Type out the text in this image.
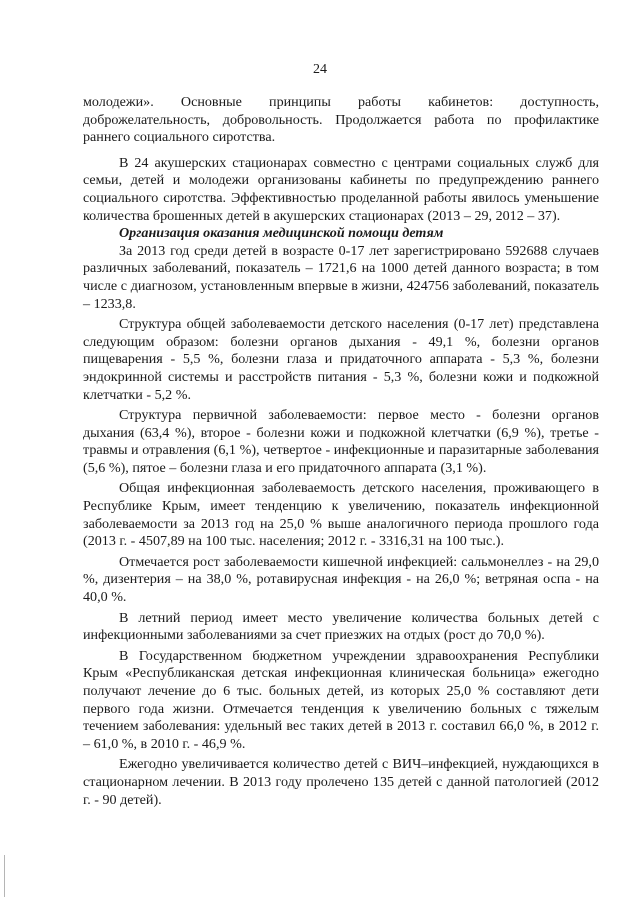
24

молодежи». Основные принципы работы кабинетов: доступность, доброжелательность, добровольность. Продолжается работа по профилактике раннего социального сиротства.

В 24 акушерских стационарах совместно с центрами социальных служб для семьи, детей и молодежи организованы кабинеты по предупреждению раннего социального сиротства. Эффективностью проделанной работы явилось уменьшение количества брошенных детей в акушерских стационарах (2013 – 29, 2012 – 37).

Организация оказания медицинской помощи детям

За 2013 год среди детей в возрасте 0-17 лет зарегистрировано 592688 случаев различных заболеваний, показатель – 1721,6 на 1000 детей данного возраста; в том числе с диагнозом, установленным впервые в жизни, 424756 заболеваний, показатель – 1233,8.

Структура общей заболеваемости детского населения (0-17 лет) представлена следующим образом: болезни органов дыхания - 49,1 %, болезни органов пищеварения - 5,5 %, болезни глаза и придаточного аппарата - 5,3 %, болезни эндокринной системы и расстройств питания - 5,3 %, болезни кожи и подкожной клетчатки - 5,2 %.

Структура первичной заболеваемости: первое место - болезни органов дыхания (63,4 %), второе - болезни кожи и подкожной клетчатки (6,9 %), третье - травмы и отравления (6,1 %), четвертое - инфекционные и паразитарные заболевания (5,6 %), пятое – болезни глаза и его придаточного аппарата (3,1 %).

Общая инфекционная заболеваемость детского населения, проживающего в Республике Крым, имеет тенденцию к увеличению, показатель инфекционной заболеваемости за 2013 год на 25,0 % выше аналогичного периода прошлого года (2013 г. - 4507,89 на 100 тыс. населения; 2012 г. - 3316,31 на 100 тыс.).

Отмечается рост заболеваемости кишечной инфекцией: сальмонеллез - на 29,0 %, дизентерия – на 38,0 %, ротавирусная инфекция - на 26,0 %; ветряная оспа - на 40,0 %.

В летний период имеет место увеличение количества больных детей с инфекционными заболеваниями за счет приезжих на отдых (рост до 70,0 %).

В Государственном бюджетном учреждении здравоохранения Республики Крым «Республиканская детская инфекционная клиническая больница» ежегодно получают лечение до 6 тыс. больных детей, из которых 25,0 % составляют дети первого года жизни. Отмечается тенденция к увеличению больных с тяжелым течением заболевания: удельный вес таких детей в 2013 г. составил 66,0 %, в 2012 г. – 61,0 %, в 2010 г. - 46,9 %.

Ежегодно увеличивается количество детей с ВИЧ–инфекцией, нуждающихся в стационарном лечении. В 2013 году пролечено 135 детей с данной патологией (2012 г. - 90 детей).
